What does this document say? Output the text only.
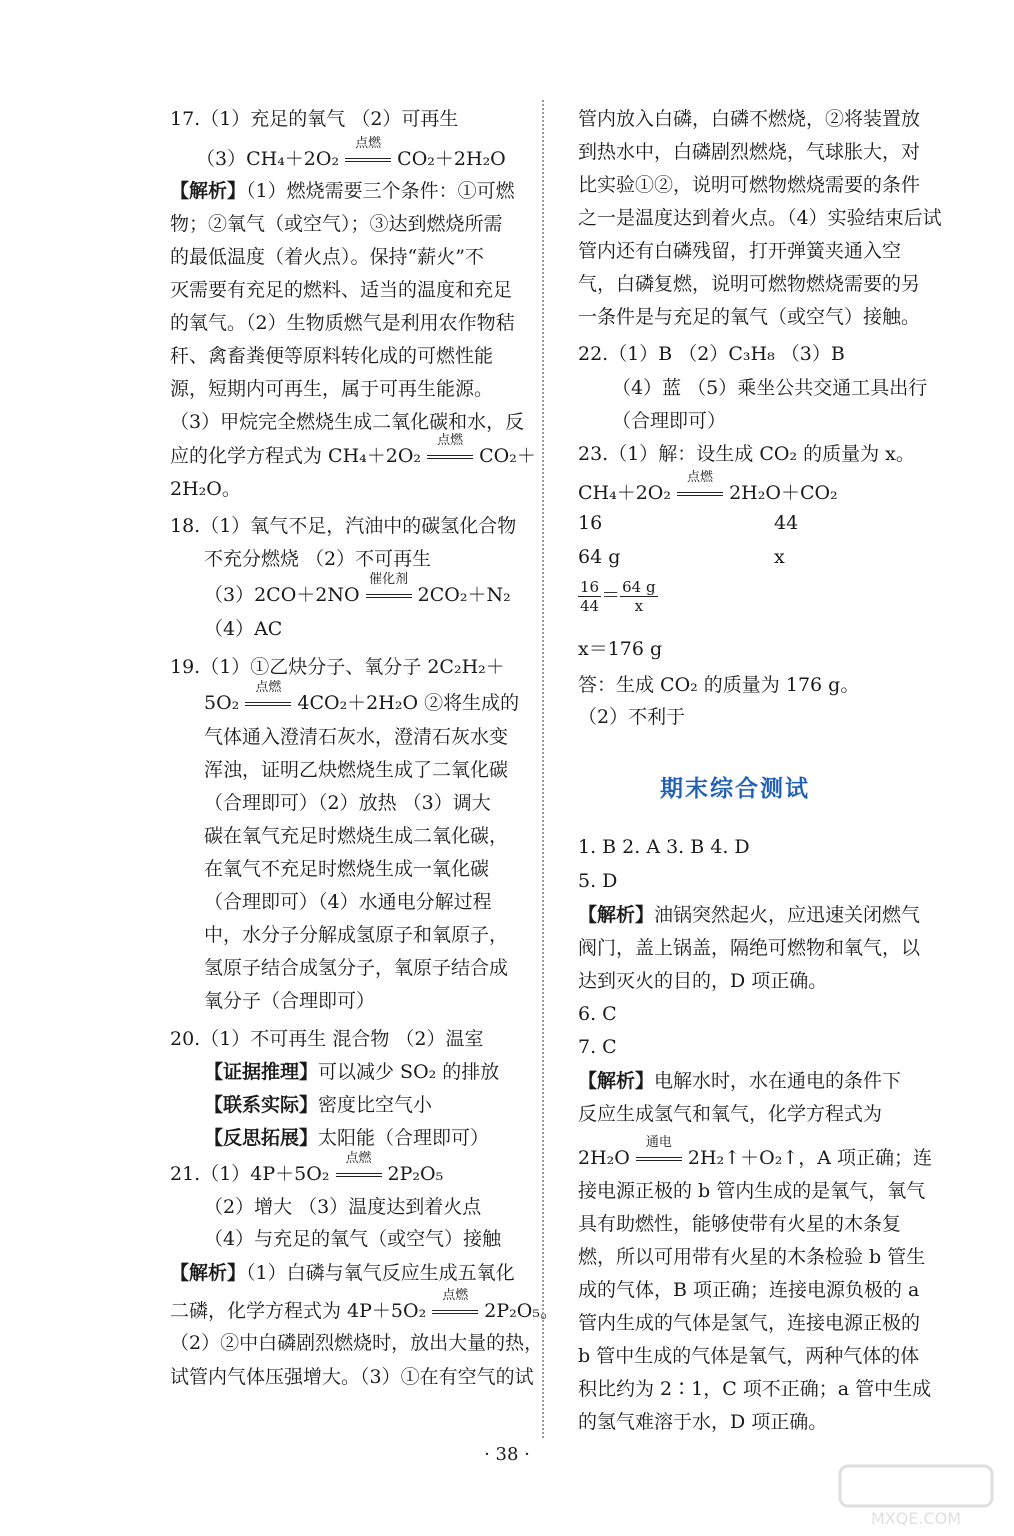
17.（1）充足的氧气 （2）可再生
（3）CH₄＋2O₂
点燃
CO₂＋2H₂O
【解析】（1）燃烧需要三个条件：①可燃
物；②氧气（或空气）；③达到燃烧所需
的最低温度（着火点）。保持“薪火”不
灭需要有充足的燃料、适当的温度和充足
的氧气。（2）生物质燃气是利用农作物秸
秆、禽畜粪便等原料转化成的可燃性能
源，短期内可再生，属于可再生能源。
（3）甲烷完全燃烧生成二氧化碳和水，反
应的化学方程式为 CH₄＋2O₂
点燃
CO₂＋
2H₂O。
18.（1）氧气不足，汽油中的碳氢化合物
不充分燃烧 （2）不可再生
（3）2CO＋2NO
催化剂
2CO₂＋N₂
（4）AC
19.（1）①乙炔分子、氧分子 2C₂H₂＋
5O₂
点燃
4CO₂＋2H₂O ②将生成的
气体通入澄清石灰水，澄清石灰水变
浑浊，证明乙炔燃烧生成了二氧化碳
（合理即可）（2）放热 （3）调大
碳在氧气充足时燃烧生成二氧化碳，
在氧气不充足时燃烧生成一氧化碳
（合理即可）（4）水通电分解过程
中，水分子分解成氢原子和氧原子，
氢原子结合成氢分子，氧原子结合成
氧分子（合理即可）
20.（1）不可再生 混合物 （2）温室
【证据推理】可以减少 SO₂ 的排放
【联系实际】密度比空气小
【反思拓展】太阳能（合理即可）
21.（1）4P＋5O₂
点燃
2P₂O₅
（2）增大 （3）温度达到着火点
（4）与充足的氧气（或空气）接触
【解析】（1）白磷与氧气反应生成五氧化
二磷，化学方程式为 4P＋5O₂
点燃
2P₂O₅。
（2）②中白磷剧烈燃烧时，放出大量的热，
试管内气体压强增大。（3）①在有空气的试
管内放入白磷，白磷不燃烧，②将装置放
到热水中，白磷剧烈燃烧，气球胀大，对
比实验①②，说明可燃物燃烧需要的条件
之一是温度达到着火点。（4）实验结束后试
管内还有白磷残留，打开弹簧夹通入空
气，白磷复燃，说明可燃物燃烧需要的另
一条件是与充足的氧气（或空气）接触。
22.（1）B （2）C₃H₈ （3）B
（4）蓝 （5）乘坐公共交通工具出行
（合理即可）
23.（1）解：设生成 CO₂ 的质量为 x。
CH₄＋2O₂
点燃
2H₂O＋CO₂
16	44
64 g	x
$\frac{16}{44} = \frac{64 g}{x}$
x＝176 g
答：生成 CO₂ 的质量为 176 g。
（2）不利于
1. B 2. A 3. B 4. D
5. D
【解析】油锅突然起火，应迅速关闭燃气
阀门，盖上锅盖，隔绝可燃物和氧气，以
达到灭火的目的，D 项正确。
6. C
7. C
【解析】电解水时，水在通电的条件下
反应生成氢气和氧气，化学方程式为
2H₂O
通电
2H₂↑＋O₂↑，A 项正确；连
接电源正极的 b 管内生成的是氧气，氧气
具有助燃性，能够使带有火星的木条复
燃，所以可用带有火星的木条检验 b 管生
成的气体，B 项正确；连接电源负极的 a
管内生成的气体是氢气，连接电源正极的
b 管中生成的气体是氧气，两种气体的体
积比约为 2∶1，C 项不正确；a 管中生成
的氢气难溶于水，D 项正确。
期末综合测试
· 38 ·
MXQE.COM
